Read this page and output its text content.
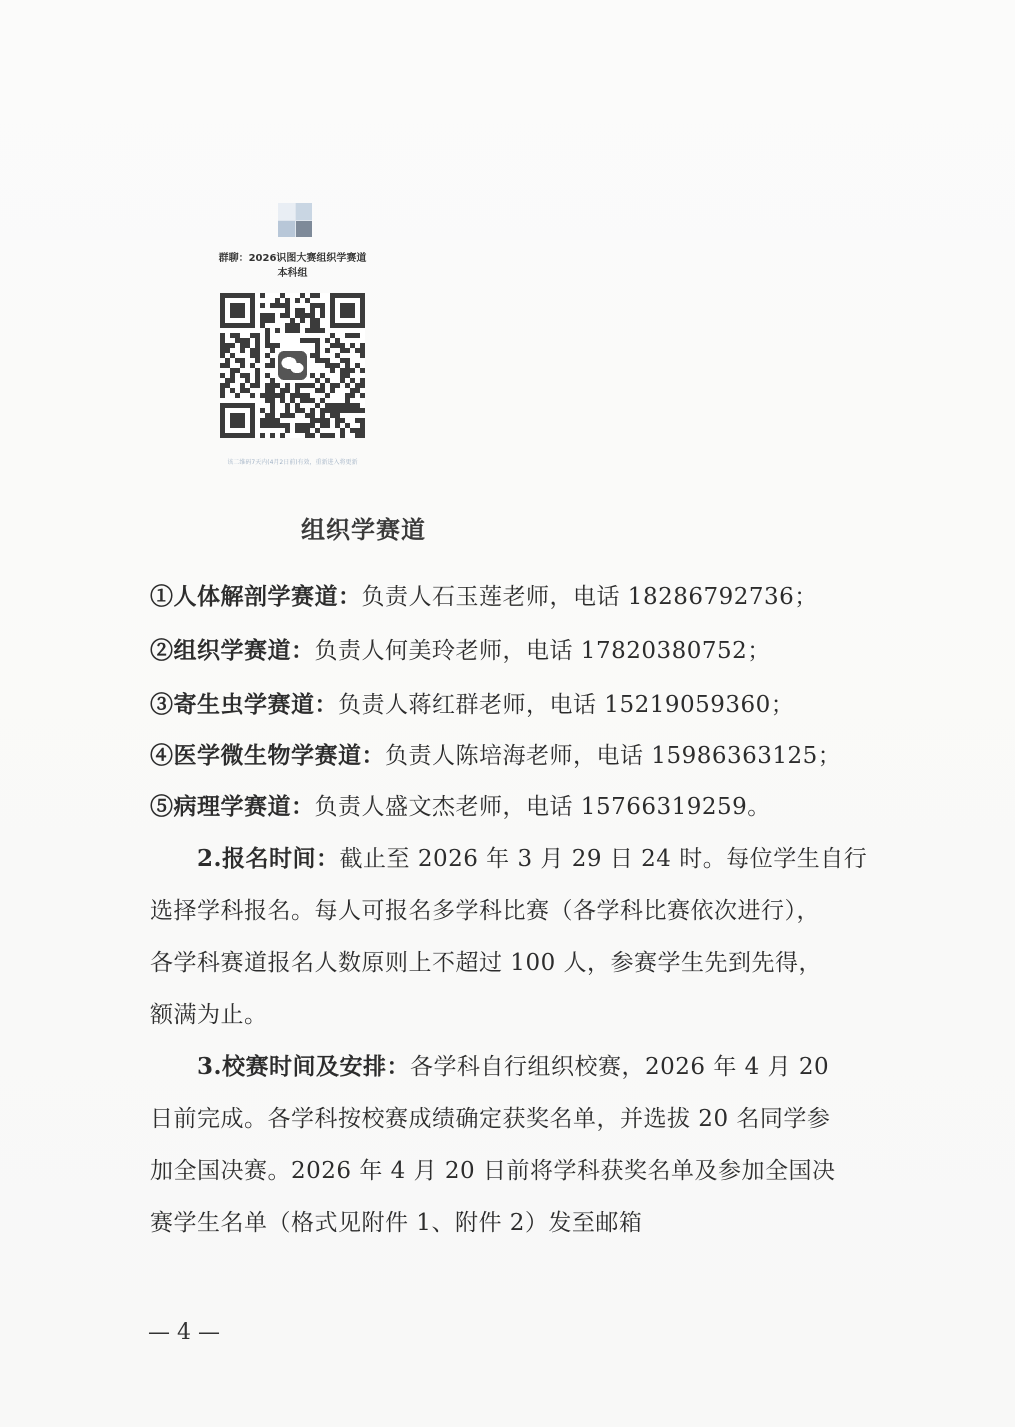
群聊：2026识图大赛组织学赛道
本科组
该二维码7天内(4月2日前)有效，重新进入将更新
组织学赛道
①人体解剖学赛道：负责人石玉莲老师，电话 18286792736；
②组织学赛道：负责人何美玲老师，电话 17820380752；
③寄生虫学赛道：负责人蒋红群老师，电话 15219059360；
④医学微生物学赛道：负责人陈培海老师，电话 15986363125；
⑤病理学赛道：负责人盛文杰老师，电话 15766319259。
2.报名时间：截止至 2026 年 3 月 29 日 24 时。每位学生自行
选择学科报名。每人可报名多学科比赛（各学科比赛依次进行），
各学科赛道报名人数原则上不超过 100 人，参赛学生先到先得，
额满为止。
3.校赛时间及安排：各学科自行组织校赛，2026 年 4 月 20
日前完成。各学科按校赛成绩确定获奖名单，并选拔 20 名同学参
加全国决赛。2026 年 4 月 20 日前将学科获奖名单及参加全国决
赛学生名单（格式见附件 1、附件 2）发至邮箱
— 4 —
